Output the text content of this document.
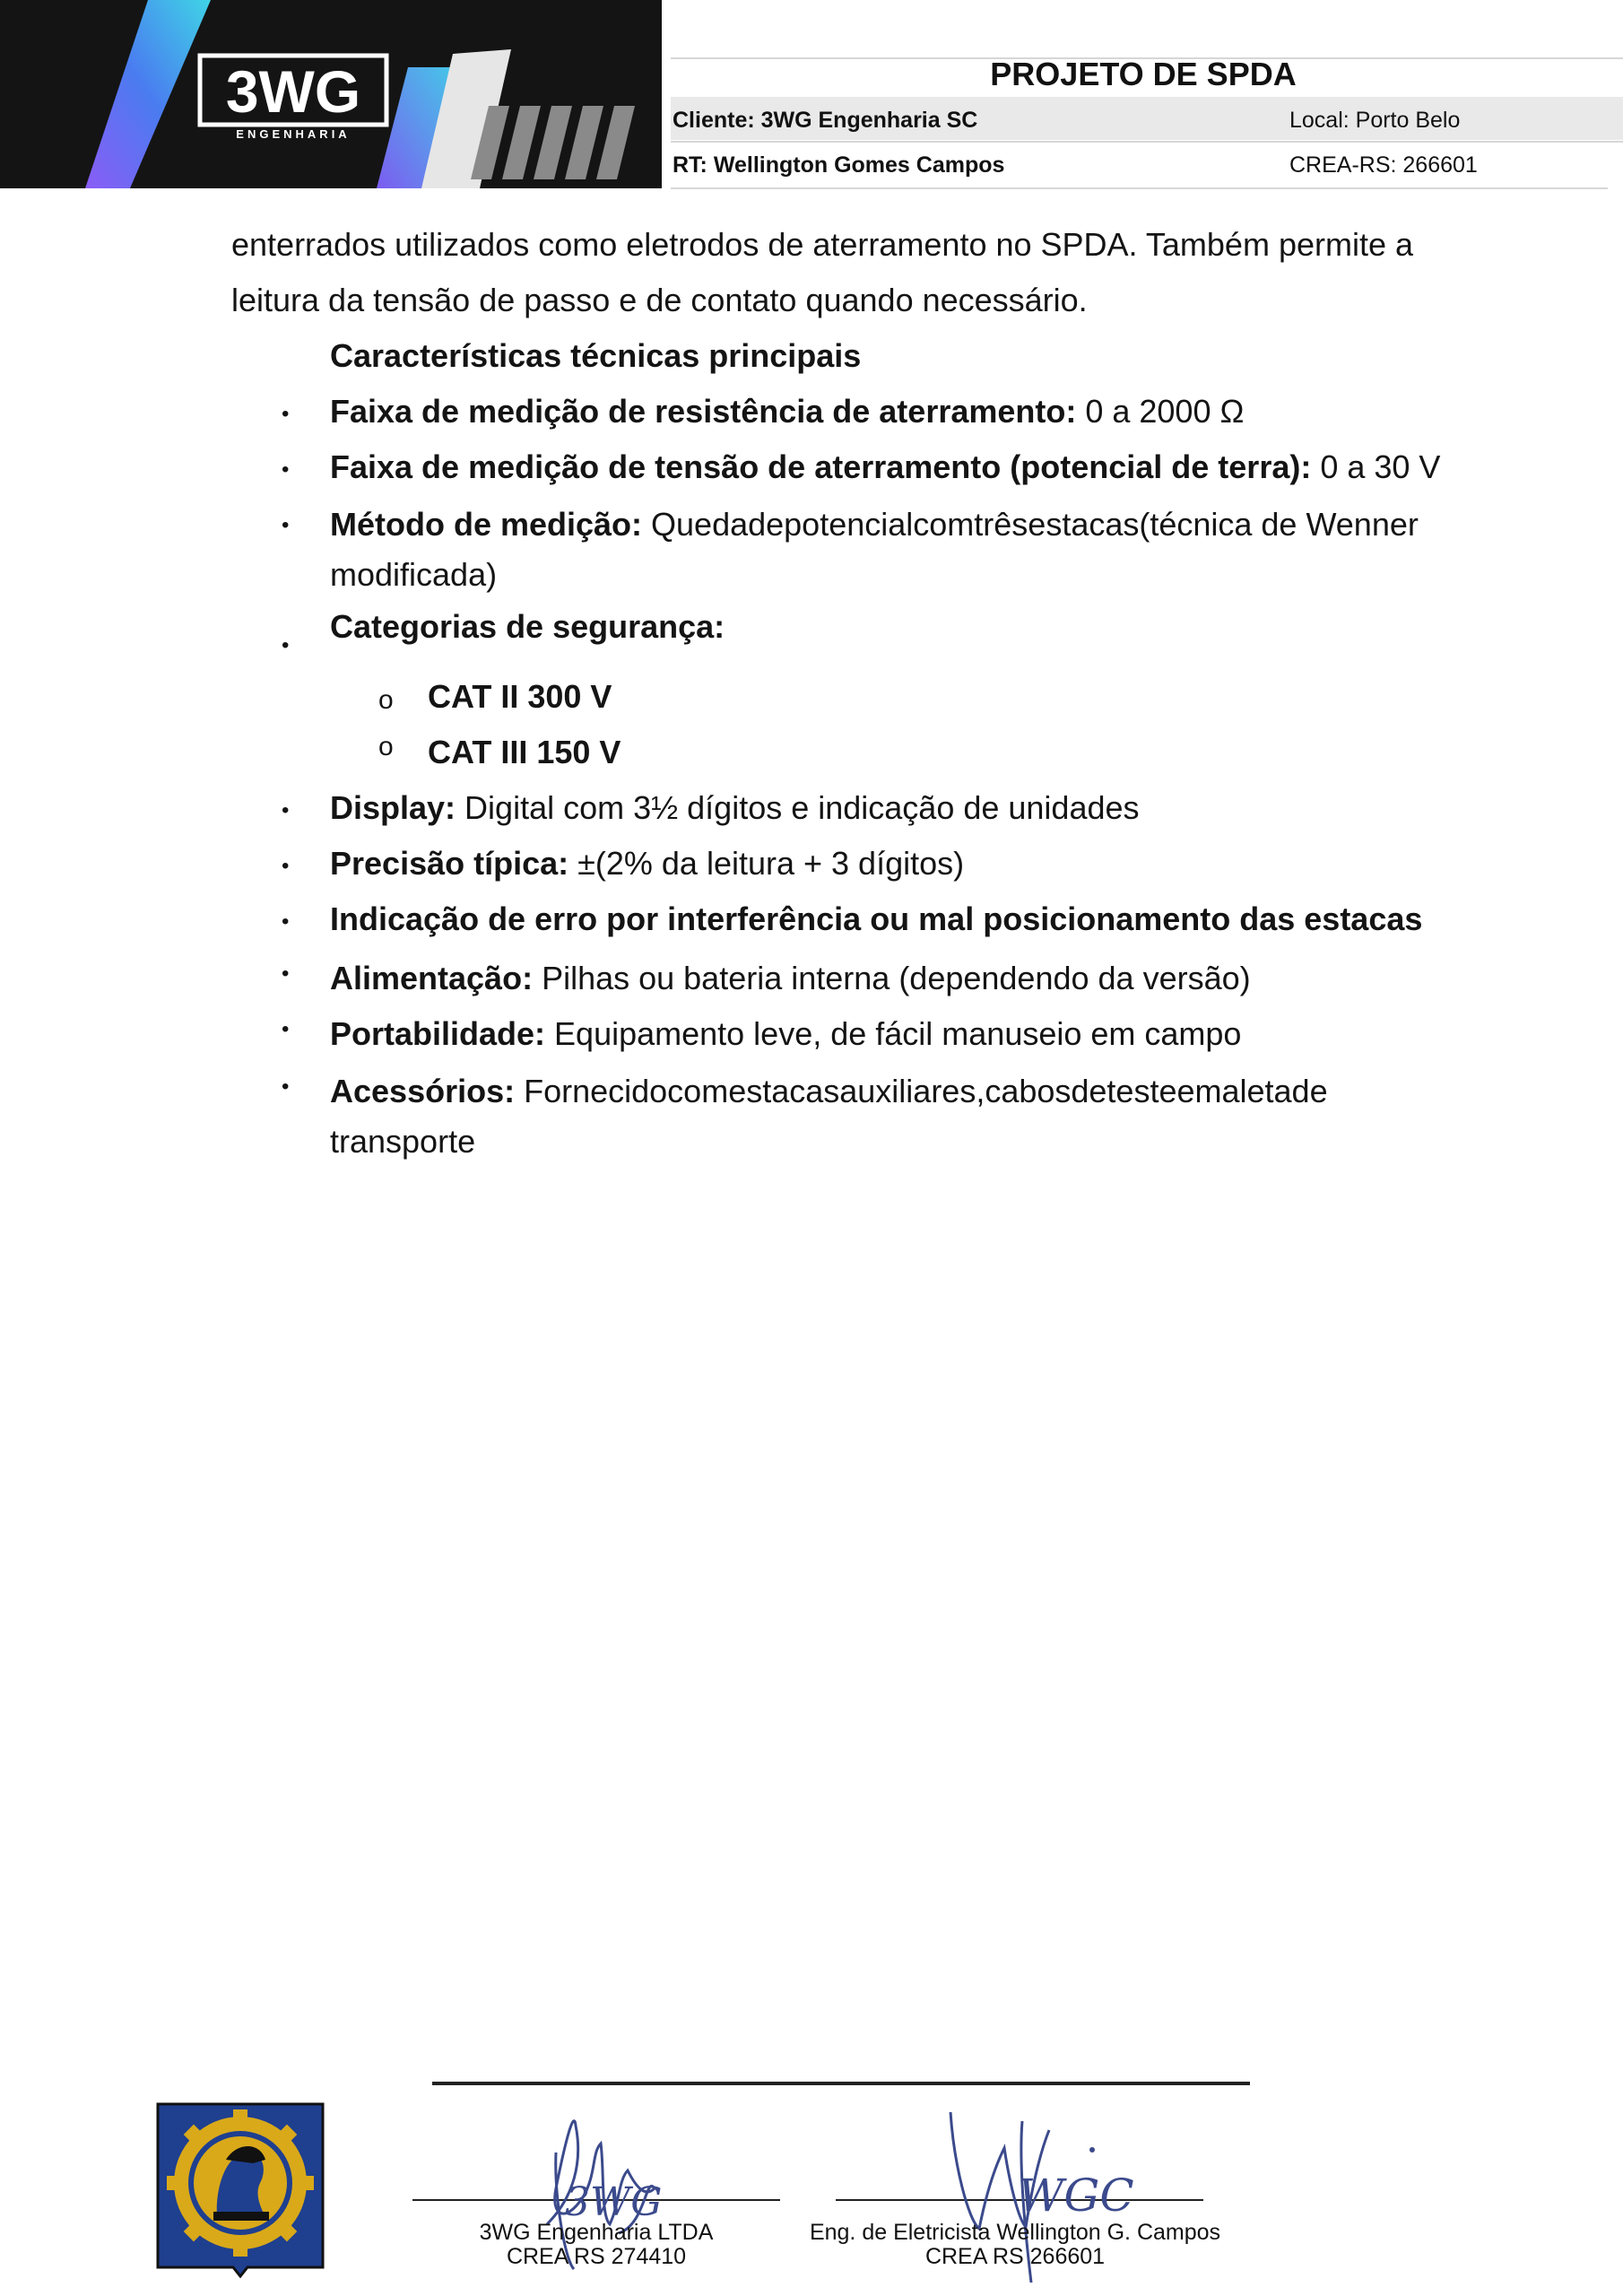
3WG
ENGENHARIA
PROJETO DE SPDA
Cliente: 3WG Engenharia SC	Local: Porto Belo
RT: Wellington Gomes Campos	CREA-RS: 266601
enterrados utilizados como eletrodos de aterramento no SPDA. Também permite a
leitura da tensão de passo e de contato quando necessário.
Características técnicas principais
• Faixa de medição de resistência de aterramento: 0 a 2000 Ω
• Faixa de medição de tensão de aterramento (potencial de terra): 0 a 30 V
• Método de medição: Quedadepotencialcomtrêsestacas(técnica de Wenner
modificada)
•
Categorias de segurança:
o CAT II 300 V
o CAT III 150 V
• Display: Digital com 3½ dígitos e indicação de unidades
• Precisão típica: ±(2% da leitura + 3 dígitos)
• Indicação de erro por interferência ou mal posicionamento das estacas
• Alimentação: Pilhas ou bateria interna (dependendo da versão)
• Portabilidade: Equipamento leve, de fácil manuseio em campo
• Acessórios: Fornecidocomestacasauxiliares,cabosdetesteemaletade
transporte
3WG
3WG Engenharia LTDA
CREA RS 274410
WGC
Eng. de Eletricista Wellington G. Campos
CREA RS 266601
